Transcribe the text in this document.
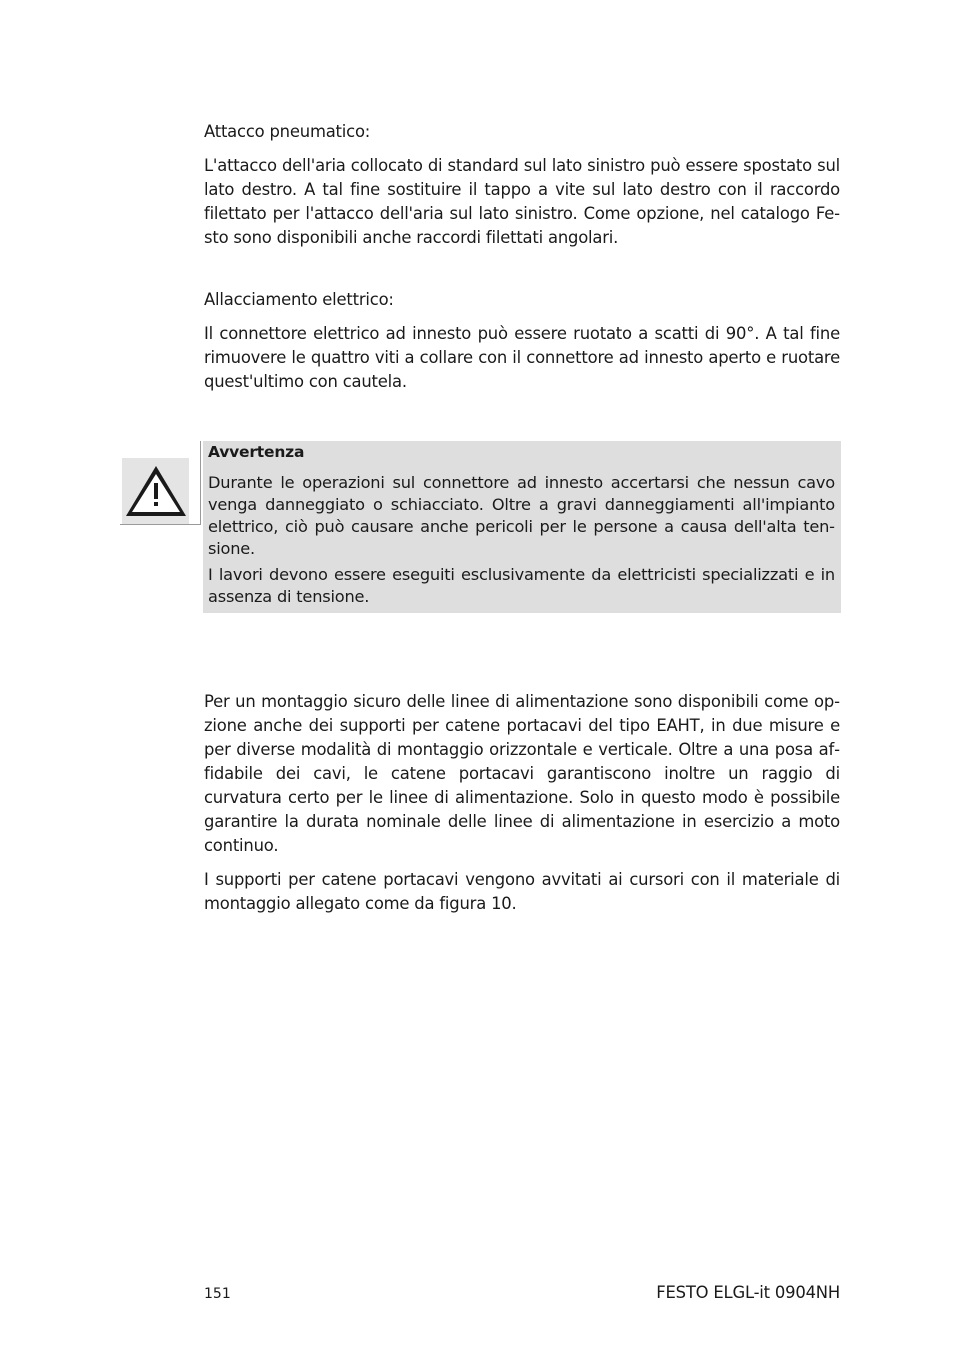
Attacco pneumatico:

L'attacco dell'aria collocato di standard sul lato sinistro può essere spostato sul lato destro. A tal fine sostituire il tappo a vite sul lato destro con il raccordo filettato per l'attacco dell'aria sul lato sinistro. Come opzione, nel catalogo Festo sono disponibili anche raccordi filettati angolari.

Allacciamento elettrico:

Il connettore elettrico ad innesto può essere ruotato a scatti di 90°. A tal fine rimuovere le quattro viti a collare con il connettore ad innesto aperto e ruotare quest'ultimo con cautela.

Avvertenza

Durante le operazioni sul connettore ad innesto accertarsi che nessun cavo venga danneggiato o schiacciato. Oltre a gravi danneggiamenti all'impianto elettrico, ciò può causare anche pericoli per le persone a causa dell'alta tensione.

I lavori devono essere eseguiti esclusivamente da elettricisti specializzati e in assenza di tensione.

Per un montaggio sicuro delle linee di alimentazione sono disponibili come opzione anche dei supporti per catene portacavi del tipo EAHT, in due misure e per diverse modalità di montaggio orizzontale e verticale. Oltre a una posa affidabile dei cavi, le catene portacavi garantiscono inoltre un raggio di curvatura certo per le linee di alimentazione. Solo in questo modo è possibile garantire la durata nominale delle linee di alimentazione in esercizio a moto continuo.

I supporti per catene portacavi vengono avvitati ai cursori con il materiale di montaggio allegato come da figura 10.

151	FESTO ELGL-it 0904NH
